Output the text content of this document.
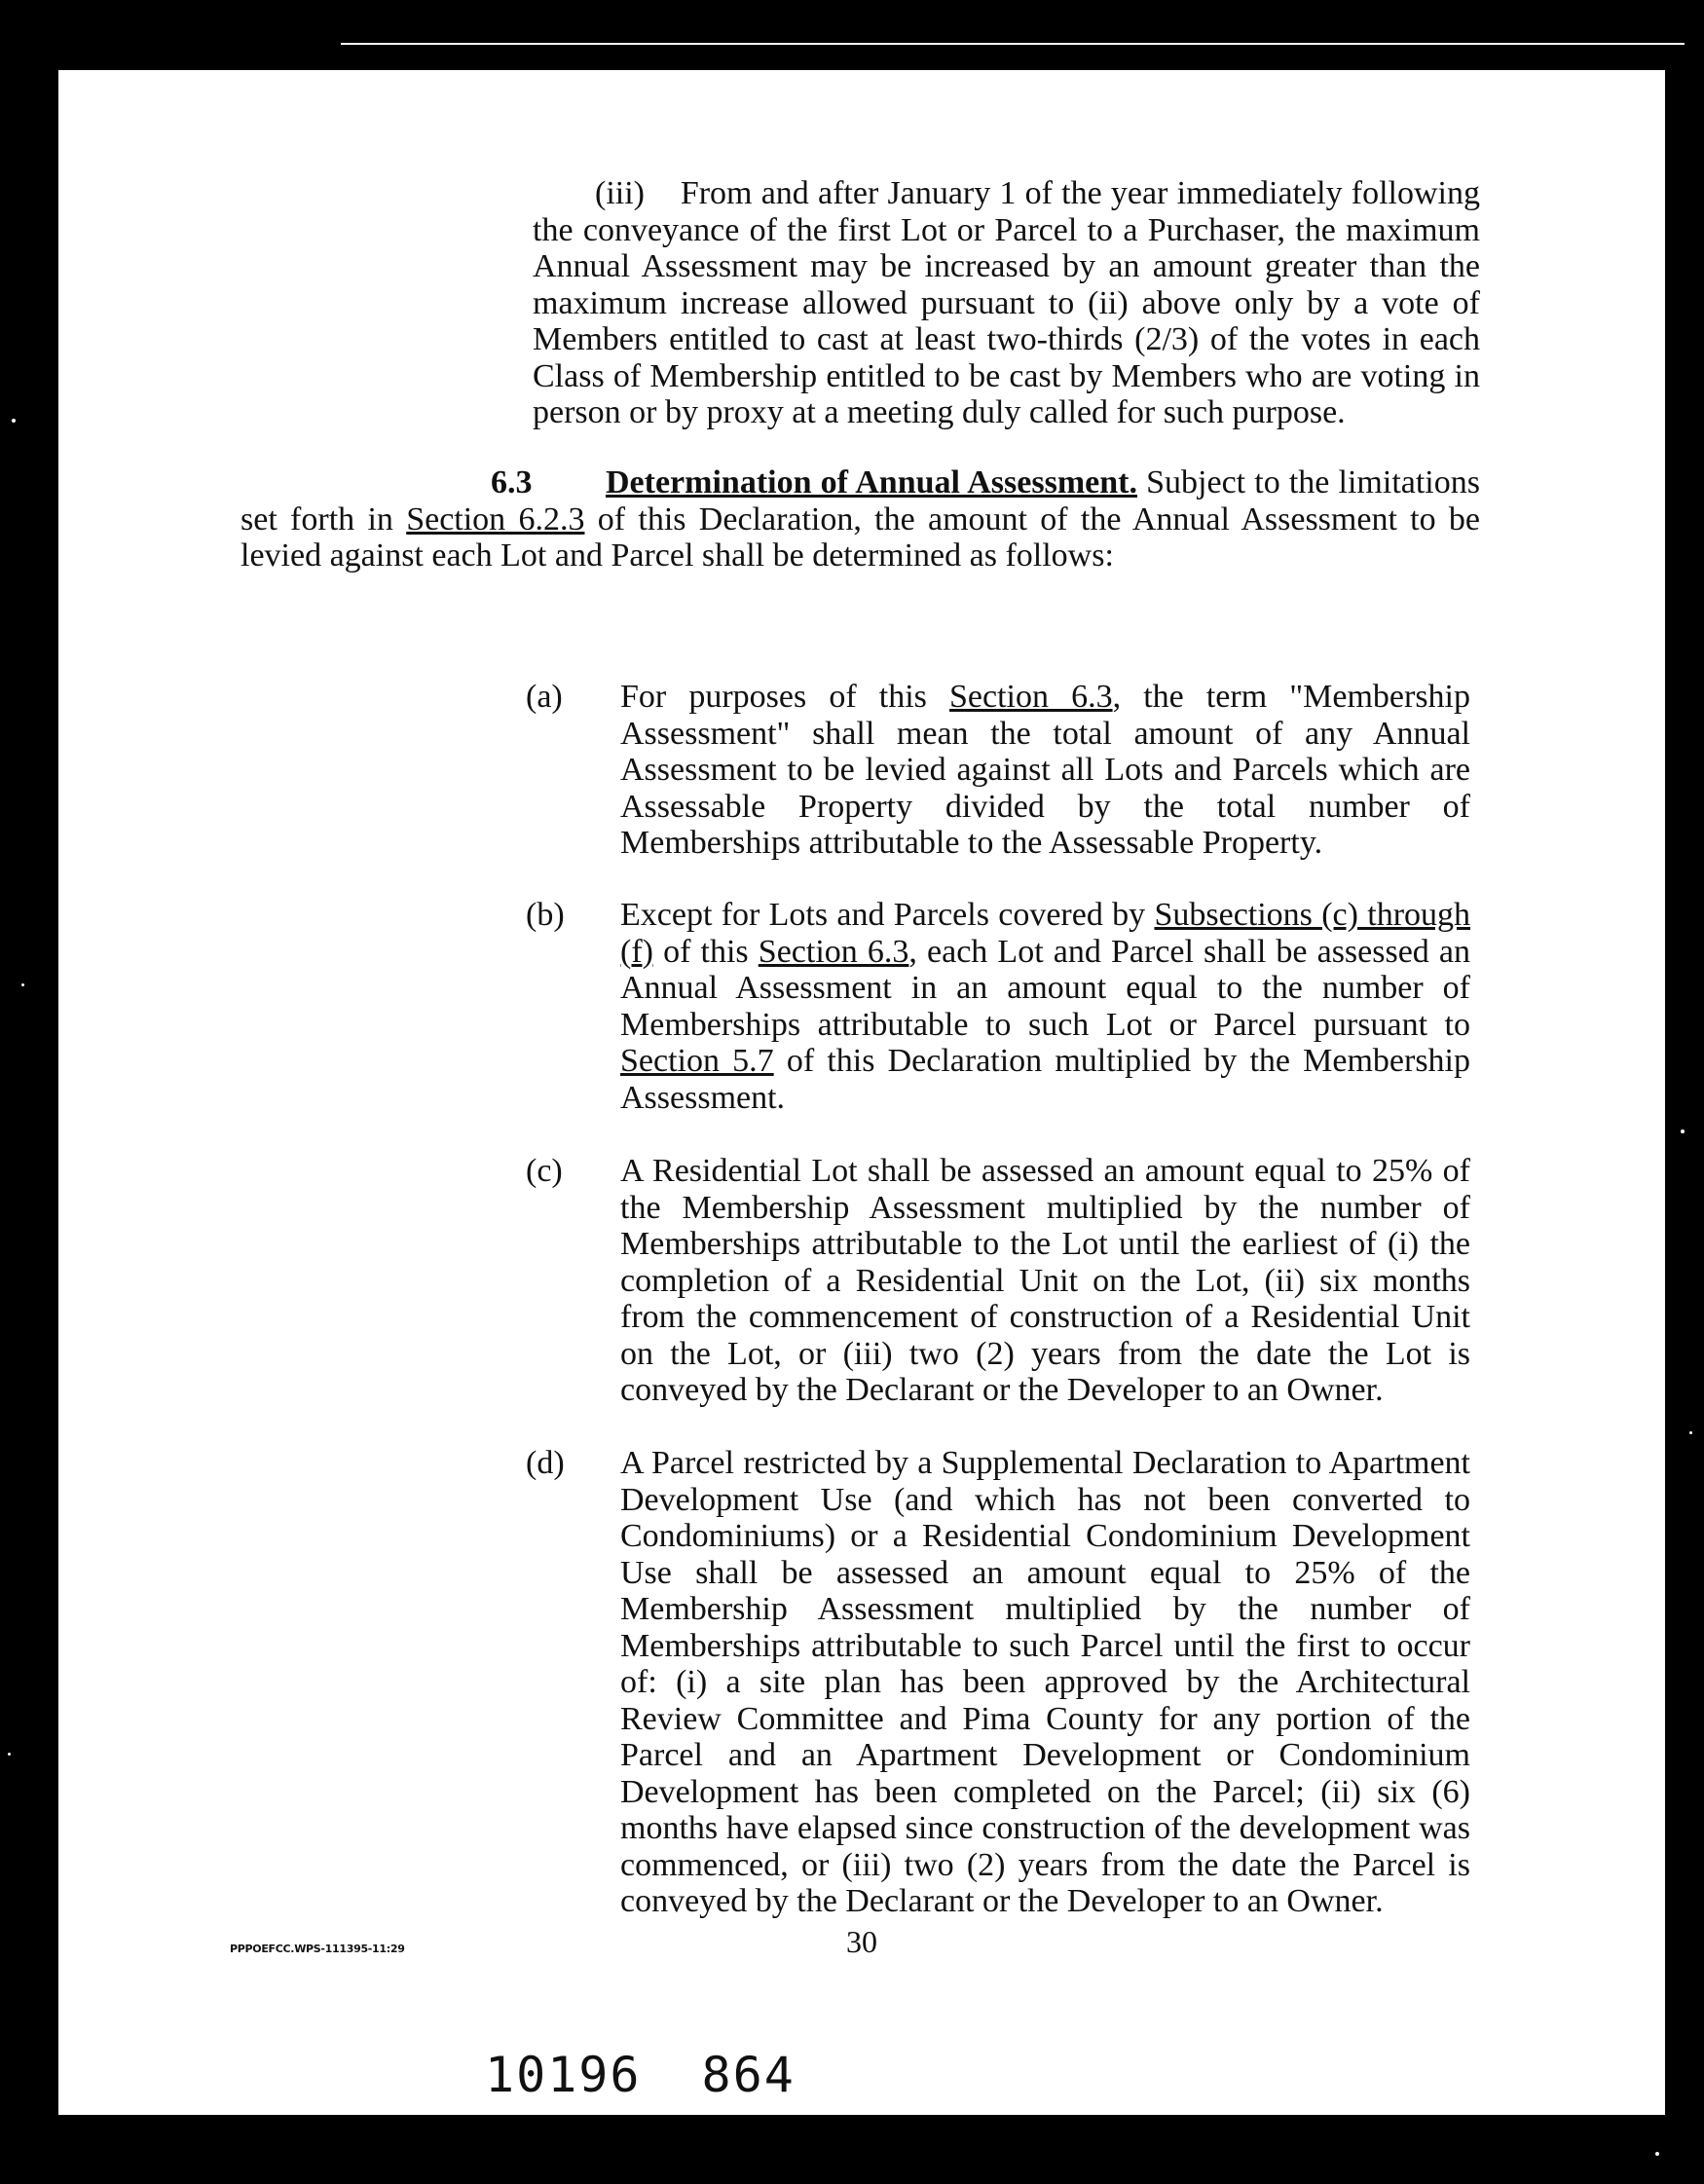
(iii) From and after January 1 of the year immediately following the conveyance of the first Lot or Parcel to a Purchaser, the maximum Annual Assessment may be increased by an amount greater than the maximum increase allowed pursuant to (ii) above only by a vote of Members entitled to cast at least two-thirds (2/3) of the votes in each Class of Membership entitled to be cast by Members who are voting in person or by proxy at a meeting duly called for such purpose.
6.3 Determination of Annual Assessment. Subject to the limitations set forth in Section 6.2.3 of this Declaration, the amount of the Annual Assessment to be levied against each Lot and Parcel shall be determined as follows:
(a)	For purposes of this Section 6.3, the term "Membership Assessment" shall mean the total amount of any Annual Assessment to be levied against all Lots and Parcels which are Assessable Property divided by the total number of Memberships attributable to the Assessable Property.
(b)	Except for Lots and Parcels covered by Subsections (c) through (f) of this Section 6.3, each Lot and Parcel shall be assessed an Annual Assessment in an amount equal to the number of Memberships attributable to such Lot or Parcel pursuant to Section 5.7 of this Declaration multiplied by the Membership Assessment.
(c)	A Residential Lot shall be assessed an amount equal to 25% of the Membership Assessment multiplied by the number of Memberships attributable to the Lot until the earliest of (i) the completion of a Residential Unit on the Lot, (ii) six months from the commencement of construction of a Residential Unit on the Lot, or (iii) two (2) years from the date the Lot is conveyed by the Declarant or the Developer to an Owner.
(d)	A Parcel restricted by a Supplemental Declaration to Apartment Development Use (and which has not been converted to Condominiums) or a Residential Condominium Development Use shall be assessed an amount equal to 25% of the Membership Assessment multiplied by the number of Memberships attributable to such Parcel until the first to occur of: (i) a site plan has been approved by the Architectural Review Committee and Pima County for any portion of the Parcel and an Apartment Development or Condominium Development has been completed on the Parcel; (ii) six (6) months have elapsed since construction of the development was commenced, or (iii) two (2) years from the date the Parcel is conveyed by the Declarant or the Developer to an Owner.
PPPOEFCC.WPS-111395-11:29	30
10196 864
